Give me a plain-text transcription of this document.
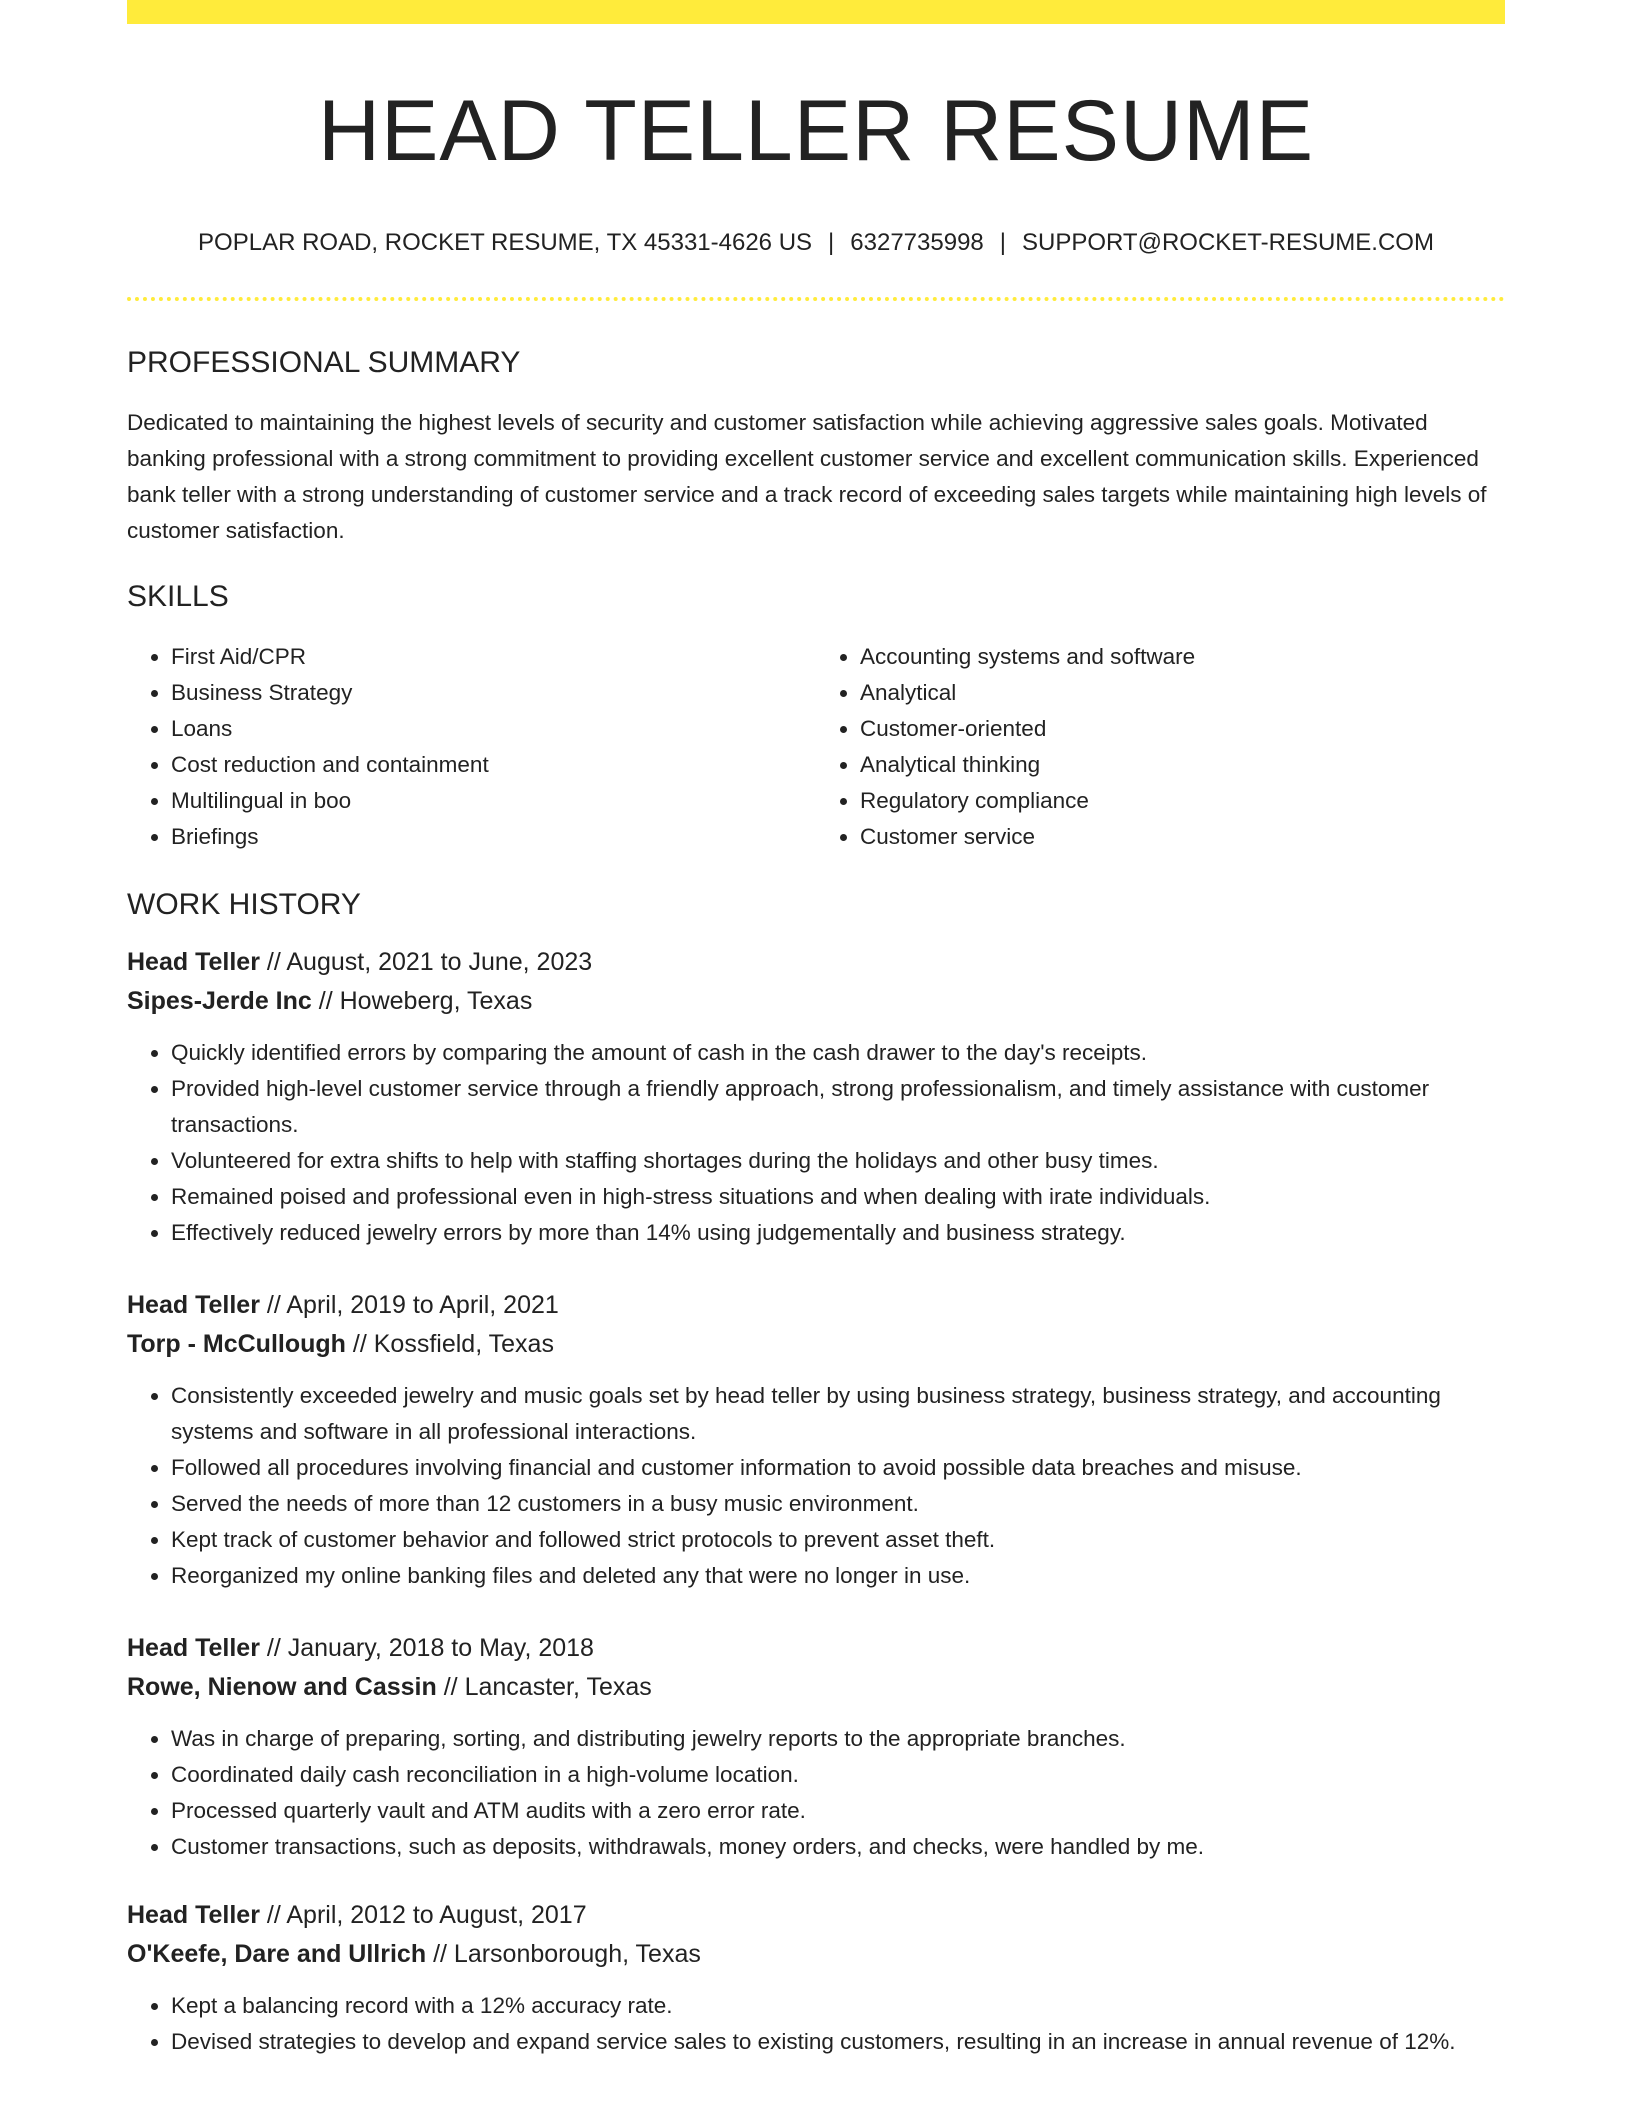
HEAD TELLER RESUME
POPLAR ROAD, ROCKET RESUME, TX 45331-4626 US | 6327735998 | SUPPORT@ROCKET-RESUME.COM
PROFESSIONAL SUMMARY

Dedicated to maintaining the highest levels of security and customer satisfaction while achieving aggressive sales goals. Motivated banking professional with a strong commitment to providing excellent customer service and excellent communication skills. Experienced bank teller with a strong understanding of customer service and a track record of exceeding sales targets while maintaining high levels of customer satisfaction.

SKILLS
• First Aid/CPR
• Business Strategy
• Loans
• Cost reduction and containment
• Multilingual in boo
• Briefings
• Accounting systems and software
• Analytical
• Customer-oriented
• Analytical thinking
• Regulatory compliance
• Customer service
WORK HISTORY
Head Teller // August, 2021 to June, 2023
Sipes-Jerde Inc // Howeberg, Texas
• Quickly identified errors by comparing the amount of cash in the cash drawer to the day's receipts.
• Provided high-level customer service through a friendly approach, strong professionalism, and timely assistance with customer transactions.
• Volunteered for extra shifts to help with staffing shortages during the holidays and other busy times.
• Remained poised and professional even in high-stress situations and when dealing with irate individuals.
• Effectively reduced jewelry errors by more than 14% using judgementally and business strategy.
Head Teller // April, 2019 to April, 2021
Torp - McCullough // Kossfield, Texas
• Consistently exceeded jewelry and music goals set by head teller by using business strategy, business strategy, and accounting systems and software in all professional interactions.
• Followed all procedures involving financial and customer information to avoid possible data breaches and misuse.
• Served the needs of more than 12 customers in a busy music environment.
• Kept track of customer behavior and followed strict protocols to prevent asset theft.
• Reorganized my online banking files and deleted any that were no longer in use.
Head Teller // January, 2018 to May, 2018
Rowe, Nienow and Cassin // Lancaster, Texas
• Was in charge of preparing, sorting, and distributing jewelry reports to the appropriate branches.
• Coordinated daily cash reconciliation in a high-volume location.
• Processed quarterly vault and ATM audits with a zero error rate.
• Customer transactions, such as deposits, withdrawals, money orders, and checks, were handled by me.
Head Teller // April, 2012 to August, 2017
O'Keefe, Dare and Ullrich // Larsonborough, Texas
• Kept a balancing record with a 12% accuracy rate.
• Devised strategies to develop and expand service sales to existing customers, resulting in an increase in annual revenue of 12%.
